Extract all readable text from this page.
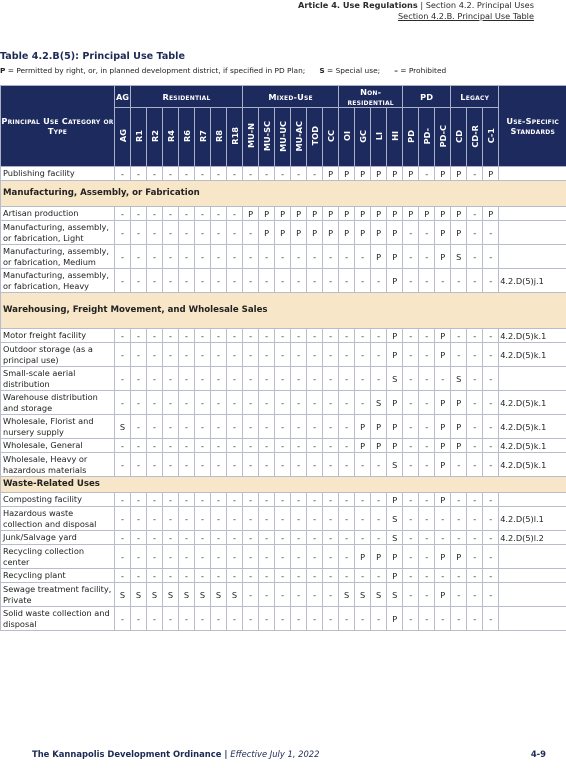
Article 4. Use Regulations | Section 4.2. Principal Uses
Section 4.2.B. Principal Use Table
Table 4.2.B(5): Principal Use Table
P = Permitted by right, or, in planned development district, if specified in PD Plan; S = Special use; – = Prohibited
Principal Use Category or Type	AG	Residential							Mixed-Use						Non-residential				PD			Legacy			Use-Specific Standards
	AG	R1	R2	R4	R6	R7	R8	R18	MU-N	MU-SC	MU-UC	MU-AC	TOD	CC	OI	GC	LI	HI	PD	PD-	PD-C	CD	CD-R	C-1	
Publishing facility	-	-	-	-	-	-	-	-	-	-	-	-	-	P	P	P	P	P	P	-	P	P	-	P	
Manufacturing, Assembly, or Fabrication																									
Artisan production	-	-	-	-	-	-	-	-	P	P	P	P	P	P	P	P	P	P	P	P	P	P	-	P	
Manufacturing, assembly, or fabrication, Light	-	-	-	-	-	-	-	-	-	P	P	P	P	P	P	P	P	P	-	-	P	P	-	-	
Manufacturing, assembly, or fabrication, Medium	-	-	-	-	-	-	-	-	-	-	-	-	-	-	-	-	P	P	-	-	P	S	-	-	
Manufacturing, assembly, or fabrication, Heavy	-	-	-	-	-	-	-	-	-	-	-	-	-	-	-	-	-	P	-	-	-	-	-	-	4.2.D(5)j.1
Warehousing, Freight Movement, and Wholesale Sales																									
Motor freight facility	-	-	-	-	-	-	-	-	-	-	-	-	-	-	-	-	-	P	-	-	P	-	-	-	4.2.D(5)k.1
Outdoor storage (as a principal use)	-	-	-	-	-	-	-	-	-	-	-	-	-	-	-	-	-	P	-	-	P	-	-	-	4.2.D(5)k.1
Small-scale aerial distribution	-	-	-	-	-	-	-	-	-	-	-	-	-	-	-	-	-	S	-	-	-	S	-	-	
Warehouse distribution and storage	-	-	-	-	-	-	-	-	-	-	-	-	-	-	-	-	S	P	-	-	P	P	-	-	4.2.D(5)k.1
Wholesale, Florist and nursery supply	S	-	-	-	-	-	-	-	-	-	-	-	-	-	-	P	P	P	-	-	P	P	-	-	4.2.D(5)k.1
Wholesale, General	-	-	-	-	-	-	-	-	-	-	-	-	-	-	-	P	P	P	-	-	P	P	-	-	4.2.D(5)k.1
Wholesale, Heavy or hazardous materials	-	-	-	-	-	-	-	-	-	-	-	-	-	-	-	-	-	S	-	-	P	-	-	-	4.2.D(5)k.1
Waste-Related Uses																									
Composting facility	-	-	-	-	-	-	-	-	-	-	-	-	-	-	-	-	-	P	-	-	P	-	-	-	
Hazardous waste collection and disposal	-	-	-	-	-	-	-	-	-	-	-	-	-	-	-	-	-	S	-	-	-	-	-	-	4.2.D(5)l.1
Junk/Salvage yard	-	-	-	-	-	-	-	-	-	-	-	-	-	-	-	-	-	S	-	-	-	-	-	-	4.2.D(5)l.2
Recycling collection center	-	-	-	-	-	-	-	-	-	-	-	-	-	-	-	P	P	P	-	-	P	P	-	-	
Recycling plant	-	-	-	-	-	-	-	-	-	-	-	-	-	-	-	-	-	P	-	-	-	-	-	-	
Sewage treatment facility, Private	S	S	S	S	S	S	S	S	-	-	-	-	-	-	S	S	S	S	-	-	P	-	-	-	
Solid waste collection and disposal	-	-	-	-	-	-	-	-	-	-	-	-	-	-	-	-	-	P	-	-	-	-	-	-	
The Kannapolis Development Ordinance | Effective July 1, 2022	4-9
